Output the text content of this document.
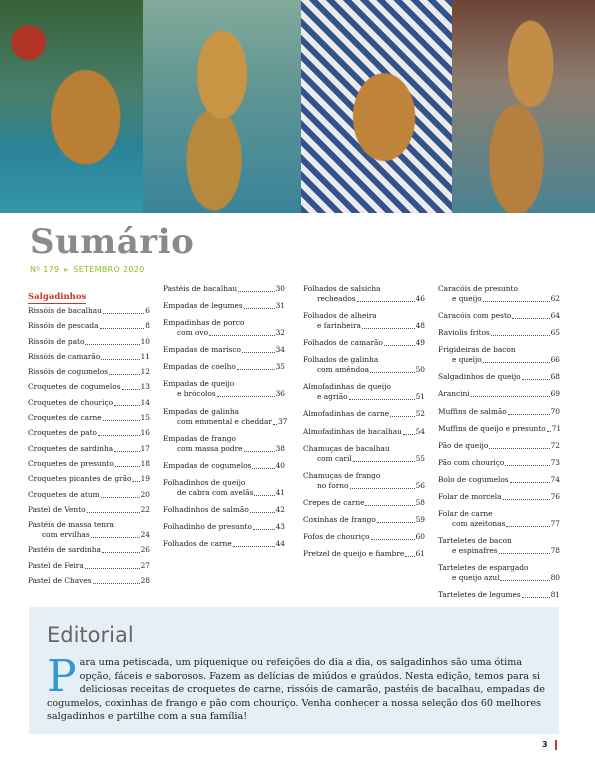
Sumário
Nº 179 ▸ SETEMBRO 2020
Salgadinhos
Rissóis de bacalhau	6
Rissóis de pescada	8
Rissóis de pato	10
Rissóis de camarão	11
Rissóis de cogumelos	12
Croquetes de cogumelos	13
Croquetes de chouriço	14
Croquetes de carne	15
Croquetes de pato	16
Croquetes de sardinha	17
Croquetes de presunto	18
Croquetes picantes de grão 19
Croquetes de atum	20
Pastel de Vento	22
Pastéis de massa tenra
com ervilhas	24
Pastéis de sardinha	26
Pastel de Feira	27
Pastel de Chaves	28
Pastéis de bacalhau	30
Empadas de legumes	31
Empadinhas de porco
com ovo	32
Empadas de marisco	34
Empadas de coelho	35
Empadas de queijo
e brócolos	36
Empadas de galinha
com emmental e cheddar 37
Empadas de frango
com massa podre	38
Empadas de cogumelos	40
Folhadinhos de queijo
de cabra com avelãs	41
Folhadinhos de salmão	42
Folhadinho de presunto	43
Folhados de carne	44
Folhados de salsicha
recheados	46
Folhados de alheira
e farinheira	48
Folhados de camarão	49
Folhados de galinha
com amêndoa	50
Almofadinhas de queijo
e agrião	51
Almofadinhas de carne	52
Almofadinhas de bacalhau 54
Chamuças de bacalhau
com caril	55
Chamuças de frango
no forno	56
Crepes de carne	58
Coxinhas de frango	59
Fofos de chouriço	60
Pretzel de queijo e fiambre 61
Caracóis de presunto
e queijo	62
Caracóis com pesto	64
Raviolis fritos	65
Frigideiras de bacon
e queijo	66
Salgadinhos de queijo	68
Arancini	69
Muffins de salmão	70
Muffins de queijo e presunto 71
Pão de queijo	72
Pão com chouriço	73
Bolo de cogumelos	74
Folar de morcela	76
Folar de carne
com azeitonas	77
Tarteletes de bacon
e espinafres	78
Tarteletes de espargado
e queijo azul	80
Tarteletes de legumes	81
Editorial

Para uma petiscada, um piquenique ou refeições do dia a dia, os salgadinhos são uma ótima opção, fáceis e saborosos. Fazem as delícias de miúdos e graúdos. Nesta edição, temos para si deliciosas receitas de croquetes de carne, rissóis de camarão, pastéis de bacalhau, empadas de cogumelos, coxinhas de frango e pão com chouriço. Venha conhecer a nossa seleção dos 60 melhores salgadinhos e partilhe com a sua família!

3
